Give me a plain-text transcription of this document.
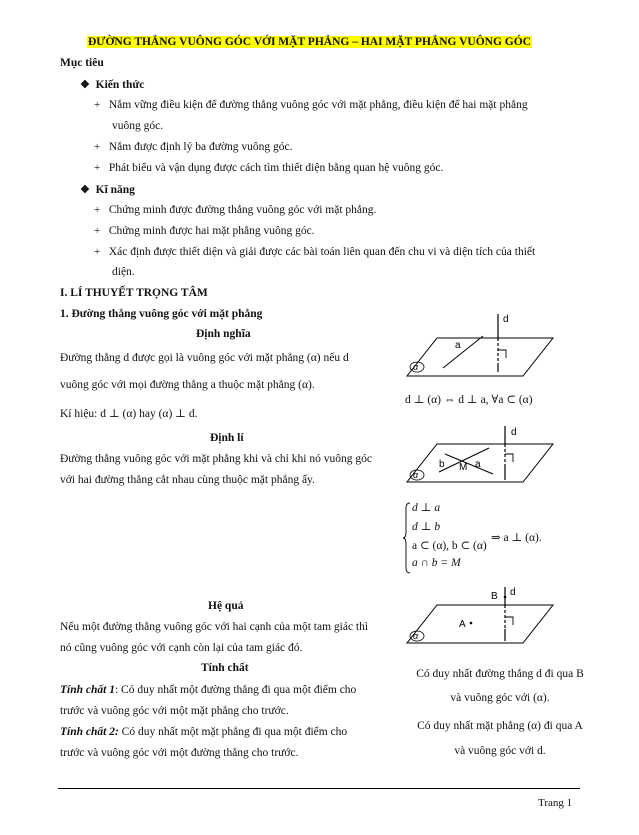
ĐƯỜNG THẲNG VUÔNG GÓC VỚI MẶT PHẲNG – HAI MẶT PHẲNG VUÔNG GÓC
Mục tiêu
❖ Kiến thức
+ Nắm vững điều kiện để đường thẳng vuông góc với mặt phẳng, điều kiện để hai mặt phẳng
vuông góc.
+ Nắm được định lý ba đường vuông góc.
+ Phát biểu và vận dụng được cách tìm thiết diện bằng quan hệ vuông góc.
❖ Kĩ năng
+ Chứng minh được đường thẳng vuông góc với mặt phẳng.
+ Chứng minh được hai mặt phẳng vuông góc.
+ Xác định được thiết diện và giải được các bài toán liên quan đến chu vi và diện tích của thiết
diện.
I. LÍ THUYẾT TRỌNG TÂM
1. Đường thẳng vuông góc với mặt phẳng
Định nghĩa
Đường thẳng d được gọi là vuông góc với mặt phẳng (α) nếu d
vuông góc với mọi đường thẳng a thuộc mặt phẳng (α).
Kí hiệu: d ⊥ (α) hay (α) ⊥ d.
Định lí
Đường thẳng vuông góc với mặt phẳng khi và chỉ khi nó vuông góc
với hai đường thẳng cắt nhau cùng thuộc mặt phẳng ấy.
Hệ quả
Nếu một đường thẳng vuông góc với hai cạnh của một tam giác thì
nó cũng vuông góc với cạnh còn lại của tam giác đó.
Tính chất
Tính chất 1: Có duy nhất một đường thẳng đi qua một điểm cho
trước và vuông góc với một mặt phẳng cho trước.
Tính chất 2: Có duy nhất một mặt phẳng đi qua một điểm cho
trước và vuông góc với một đường thẳng cho trước.
d
a
α
d ⊥ (α) ⇔ d ⊥ a, ∀a ⊂ (α)
d
b M a
α
d ⊥ a
d ⊥ b
a ⊂ (α), b ⊂ (α)
a ∩ b = M
⇒ a ⊥ (α).
B d
A
α
Có duy nhất đường thẳng d đi qua B
và vuông góc với (α).
Có duy nhất mặt phẳng (α) đi qua A
và vuông góc với d.
Trang 1
